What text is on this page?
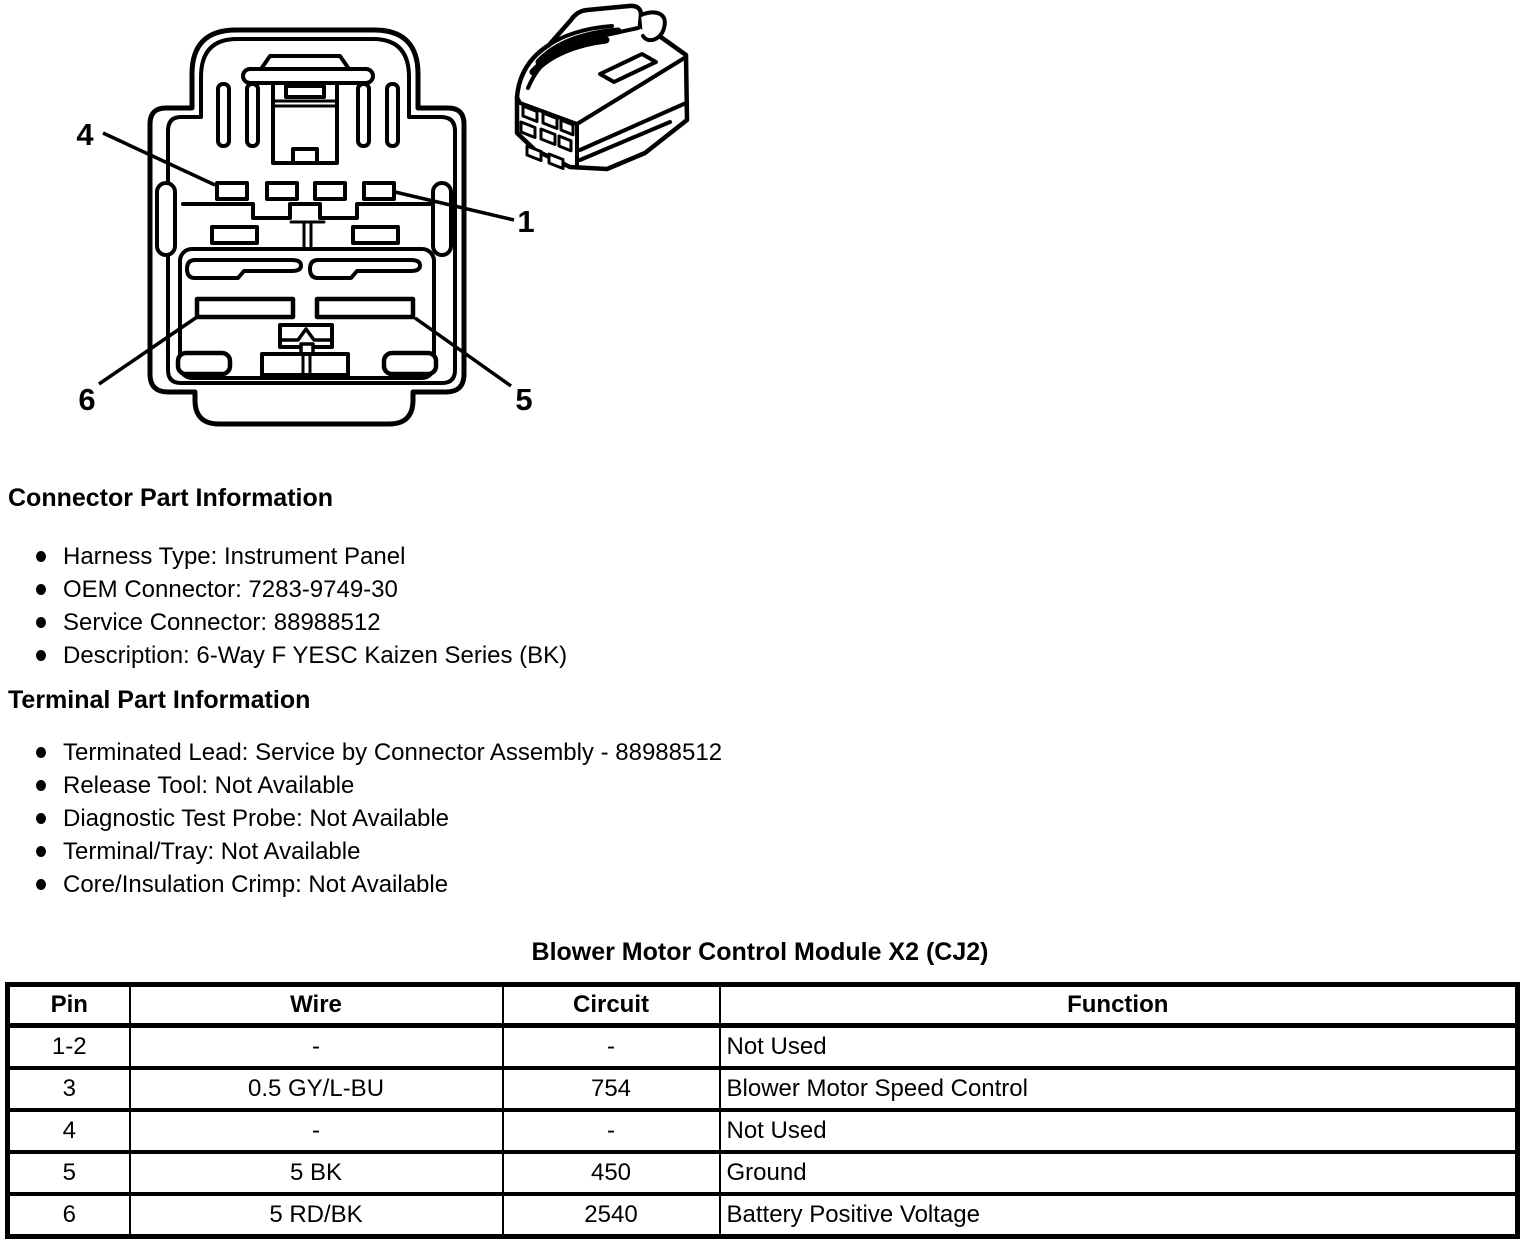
4
1
6	5
Connector Part Information
Harness Type: Instrument Panel
OEM Connector: 7283-9749-30
Service Connector: 88988512
Description: 6-Way F YESC Kaizen Series (BK)
Terminal Part Information
Terminated Lead: Service by Connector Assembly - 88988512
Release Tool: Not Available
Diagnostic Test Probe: Not Available
Terminal/Tray: Not Available
Core/Insulation Crimp: Not Available
Blower Motor Control Module X2 (CJ2)
Pin	Wire	Circuit	Function
1-2	-	-	Not Used
3	0.5 GY/L-BU	754	Blower Motor Speed Control
4	-	-	Not Used
5	5 BK	450	Ground
6	5 RD/BK	2540	Battery Positive Voltage
